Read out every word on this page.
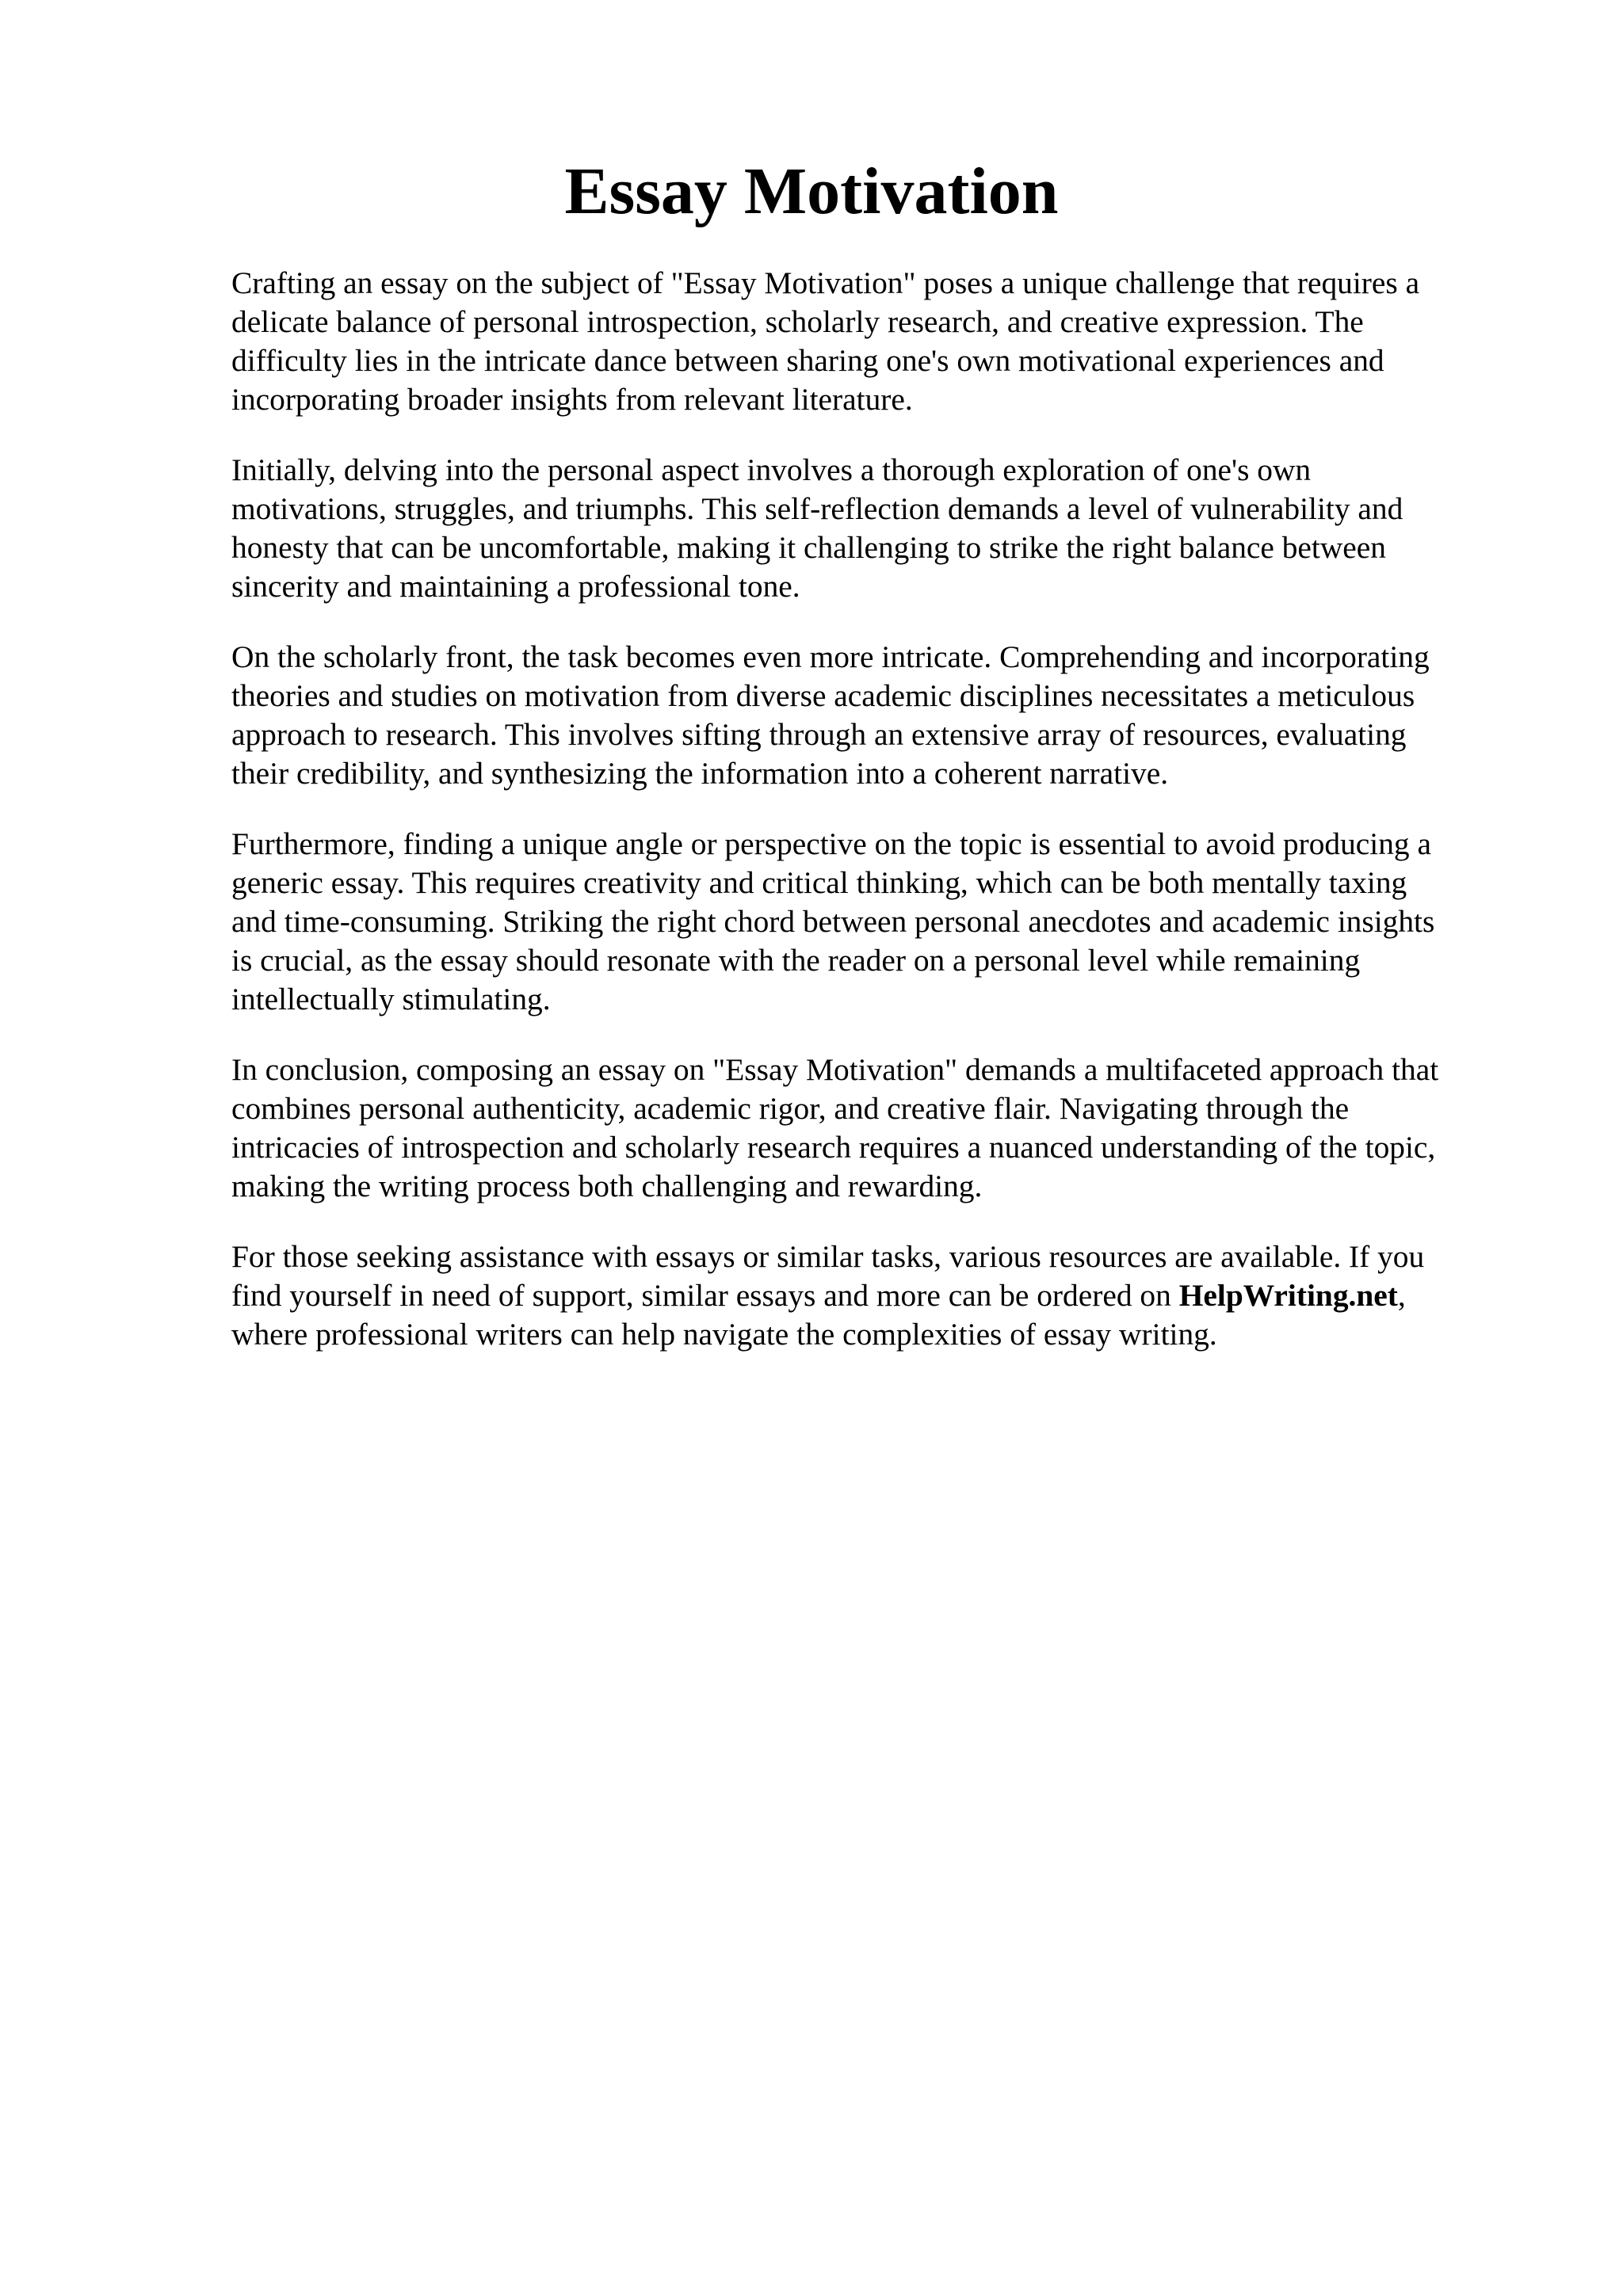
Essay Motivation

Crafting an essay on the subject of "Essay Motivation" poses a unique challenge that requires a
delicate balance of personal introspection, scholarly research, and creative expression. The
difficulty lies in the intricate dance between sharing one's own motivational experiences and
incorporating broader insights from relevant literature.

Initially, delving into the personal aspect involves a thorough exploration of one's own
motivations, struggles, and triumphs. This self-reflection demands a level of vulnerability and
honesty that can be uncomfortable, making it challenging to strike the right balance between
sincerity and maintaining a professional tone.

On the scholarly front, the task becomes even more intricate. Comprehending and incorporating
theories and studies on motivation from diverse academic disciplines necessitates a meticulous
approach to research. This involves sifting through an extensive array of resources, evaluating
their credibility, and synthesizing the information into a coherent narrative.

Furthermore, finding a unique angle or perspective on the topic is essential to avoid producing a
generic essay. This requires creativity and critical thinking, which can be both mentally taxing
and time-consuming. Striking the right chord between personal anecdotes and academic insights
is crucial, as the essay should resonate with the reader on a personal level while remaining
intellectually stimulating.

In conclusion, composing an essay on "Essay Motivation" demands a multifaceted approach that
combines personal authenticity, academic rigor, and creative flair. Navigating through the
intricacies of introspection and scholarly research requires a nuanced understanding of the topic,
making the writing process both challenging and rewarding.

For those seeking assistance with essays or similar tasks, various resources are available. If you
find yourself in need of support, similar essays and more can be ordered on HelpWriting.net,
where professional writers can help navigate the complexities of essay writing.
